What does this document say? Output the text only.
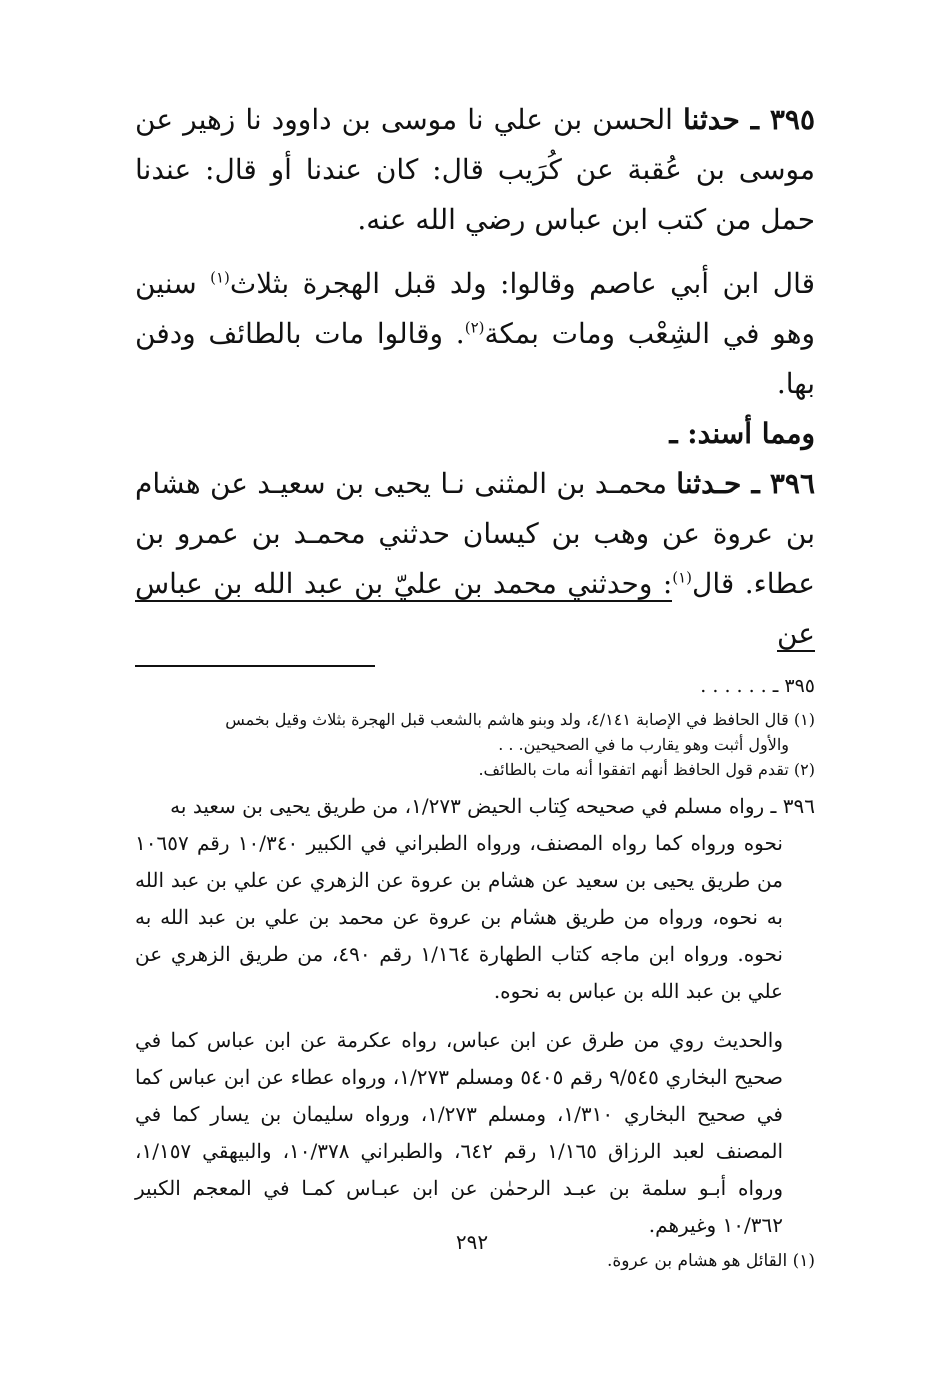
٣٩٥ ـ حدثنا الحسن بن علي نا موسى بن داوود نا زهير عن موسى بن عُقبة عن كُرَيب قال: كان عندنا أو قال: عندنا حمل من كتب ابن عباس رضي الله عنه.

قال ابن أبي عاصم وقالوا: ولد قبل الهجرة بثلاث$^{(١)}$ سنين وهو في الشِعْب ومات بمكة$^{(٢)}$. وقالوا مات بالطائف ودفن بها.

ومما أسند: ـ

٣٩٦ ـ حـدثنا محمـد بن المثنى نـا يحيى بن سعيـد عن هشام بن عروة عن وهب بن كيسان حدثني محمـد بن عمرو بن عطاء. قال$^{(١)}$: وحدثني محمد بن عليّ بن عبد الله بن عباس عن

٣٩٥ ـ . . . . . .

(١) قال الحافظ في الإصابة ٤/١٤١، ولد وبنو هاشم بالشعب قبل الهجرة بثلاث وقيل بخمس

والأول أثبت وهو يقارب ما في الصحيحين. . .

(٢) تقدم قول الحافظ أنهم اتفقوا أنه مات بالطائف.

٣٩٦ ـ رواه مسلم في صحيحه كِتاب الحيض ١/٢٧٣، من طريق يحيى بن سعيد به

نحوه ورواه كما رواه المصنف، ورواه الطبراني في الكبير ١٠/٣٤٠ رقم ١٠٦٥٧ من طريق يحيى بن سعيد عن هشام بن عروة عن الزهري عن علي بن عبد الله به نحوه، ورواه من طريق هشام بن عروة عن محمد بن علي بن عبد الله به نحوه. ورواه ابن ماجه كتاب الطهارة ١/١٦٤ رقم ٤٩٠، من طريق الزهري عن علي بن عبد الله بن عباس به نحوه.

والحديث روي من طرق عن ابن عباس، رواه عكرمة عن ابن عباس كما في صحيح البخاري ٩/٥٤٥ رقم ٥٤٠٥ ومسلم ١/٢٧٣، ورواه عطاء عن ابن عباس كما في صحيح البخاري ١/٣١٠، ومسلم ١/٢٧٣، ورواه سليمان بن يسار كما في المصنف لعبد الرزاق ١/١٦٥ رقم ٦٤٢، والطبراني ١٠/٣٧٨، والبيهقي ١/١٥٧، ورواه أبـو سلمة بن عبـد الرحمٰن عن ابن عبـاس كمـا في المعجم الكبير ١٠/٣٦٢ وغيرهم.

(١) القائل هو هشام بن عروة.
٢٩٢
